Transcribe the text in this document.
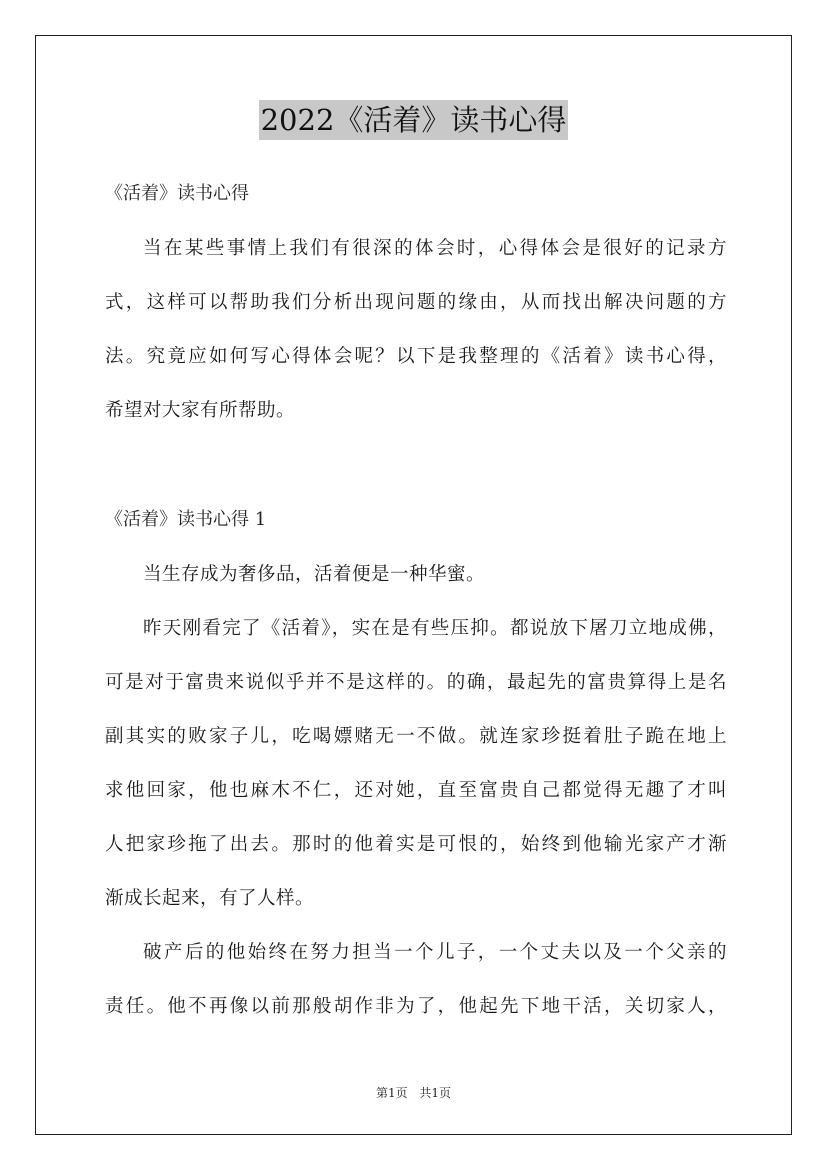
2022《活着》读书心得
《活着》读书心得
当在某些事情上我们有很深的体会时，心得体会是很好的记录方
式，这样可以帮助我们分析出现问题的缘由，从而找出解决问题的方
法。究竟应如何写心得体会呢？以下是我整理的《活着》读书心得，
希望对大家有所帮助。
《活着》读书心得 1
当生存成为奢侈品，活着便是一种华蜜。
昨天刚看完了《活着》，实在是有些压抑。都说放下屠刀立地成佛，
可是对于富贵来说似乎并不是这样的。的确，最起先的富贵算得上是名
副其实的败家子儿，吃喝嫖赌无一不做。就连家珍挺着肚子跪在地上
求他回家，他也麻木不仁，还对她，直至富贵自己都觉得无趣了才叫
人把家珍拖了出去。那时的他着实是可恨的，始终到他输光家产才渐
渐成长起来，有了人样。
破产后的他始终在努力担当一个儿子，一个丈夫以及一个父亲的
责任。他不再像以前那般胡作非为了，他起先下地干活，关切家人，
第1页 共1页
